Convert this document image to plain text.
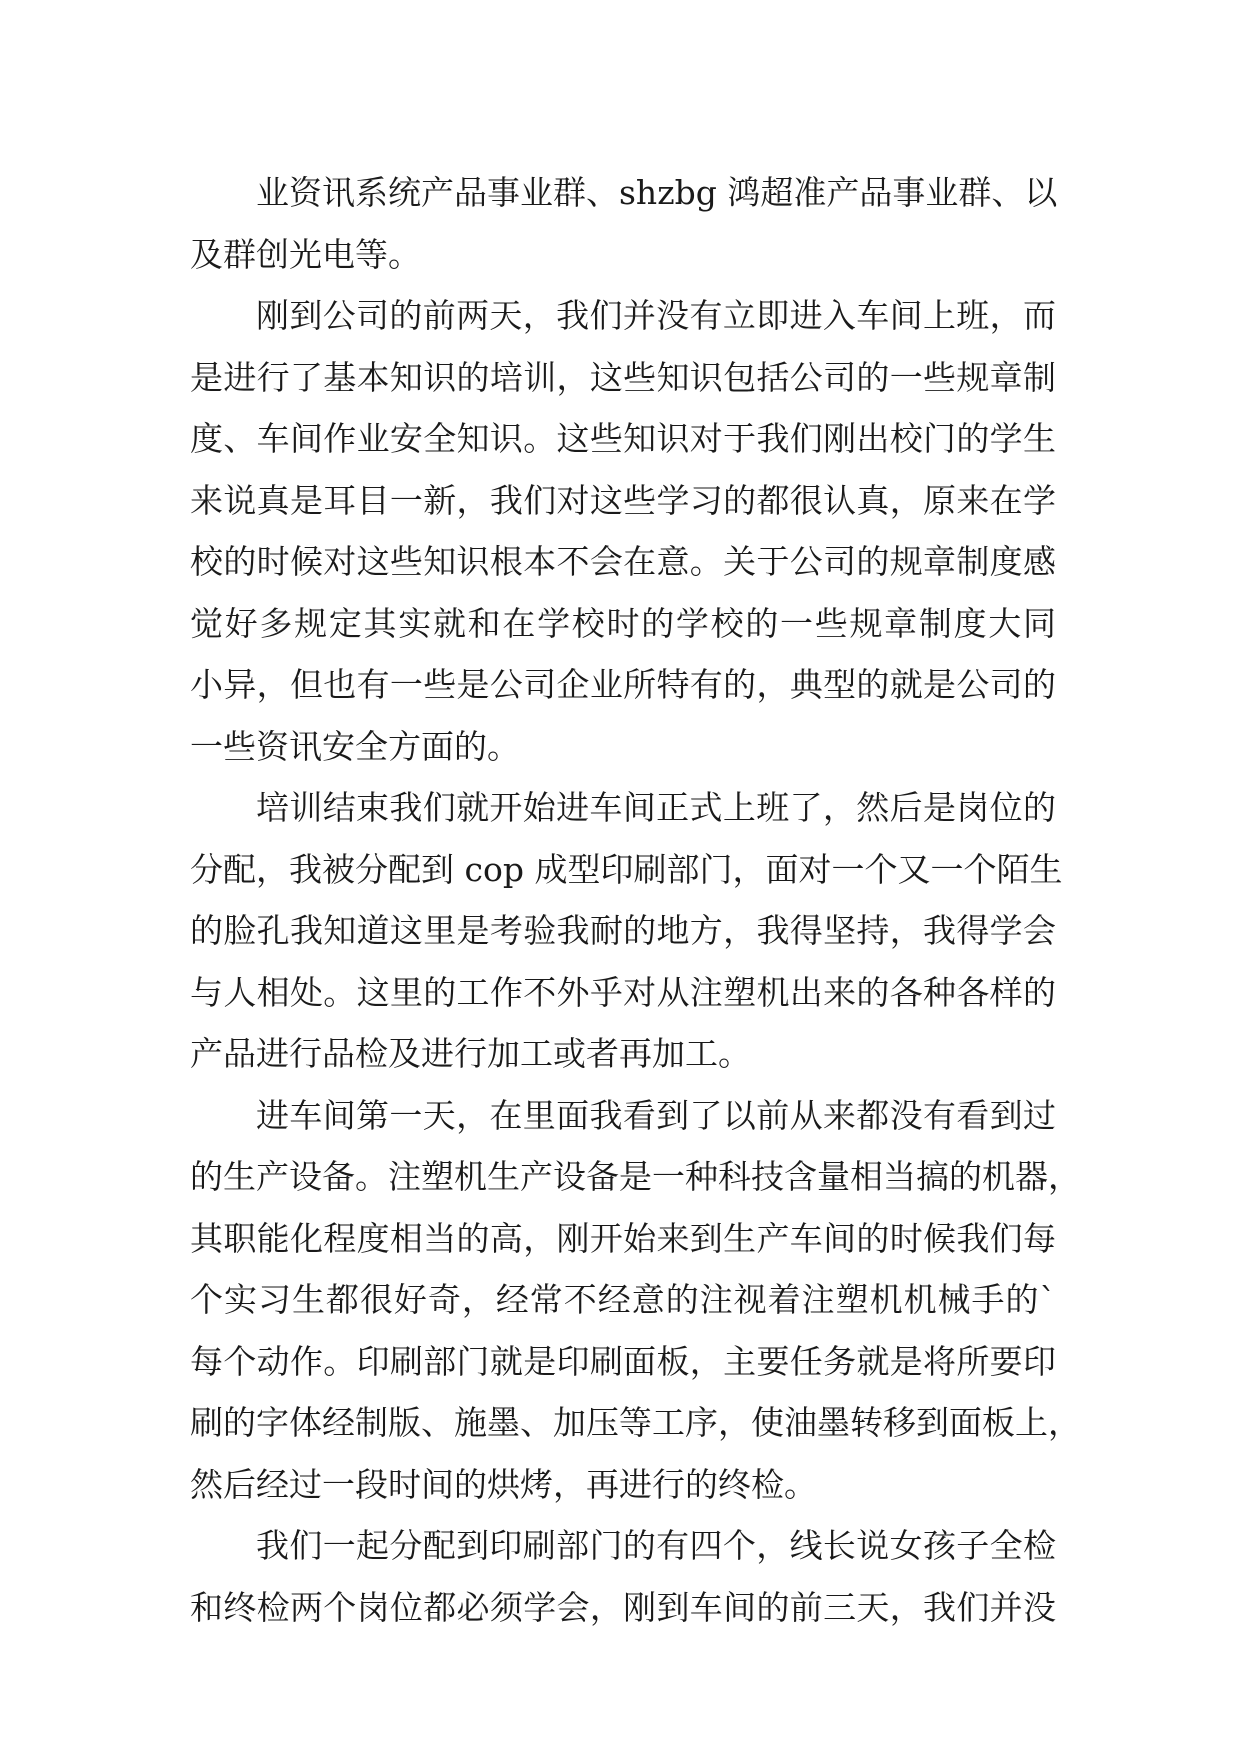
业资讯系统产品事业群、shzbg 鸿超准产品事业群、以
及群创光电等。
刚到公司的前两天，我们并没有立即进入车间上班，而
是进行了基本知识的培训，这些知识包括公司的一些规章制
度、车间作业安全知识。这些知识对于我们刚出校门的学生
来说真是耳目一新，我们对这些学习的都很认真，原来在学
校的时候对这些知识根本不会在意。关于公司的规章制度感
觉好多规定其实就和在学校时的学校的一些规章制度大同
小异，但也有一些是公司企业所特有的，典型的就是公司的
一些资讯安全方面的。
培训结束我们就开始进车间正式上班了，然后是岗位的
分配，我被分配到 cop 成型印刷部门，面对一个又一个陌生
的脸孔我知道这里是考验我耐的地方，我得坚持，我得学会
与人相处。这里的工作不外乎对从注塑机出来的各种各样的
产品进行品检及进行加工或者再加工。
进车间第一天，在里面我看到了以前从来都没有看到过
的生产设备。注塑机生产设备是一种科技含量相当搞的机器，
其职能化程度相当的高，刚开始来到生产车间的时候我们每
个实习生都很好奇，经常不经意的注视着注塑机机械手的`
每个动作。印刷部门就是印刷面板，主要任务就是将所要印
刷的字体经制版、施墨、加压等工序，使油墨转移到面板上，
然后经过一段时间的烘烤，再进行的终检。
我们一起分配到印刷部门的有四个，线长说女孩子全检
和终检两个岗位都必须学会，刚到车间的前三天，我们并没
